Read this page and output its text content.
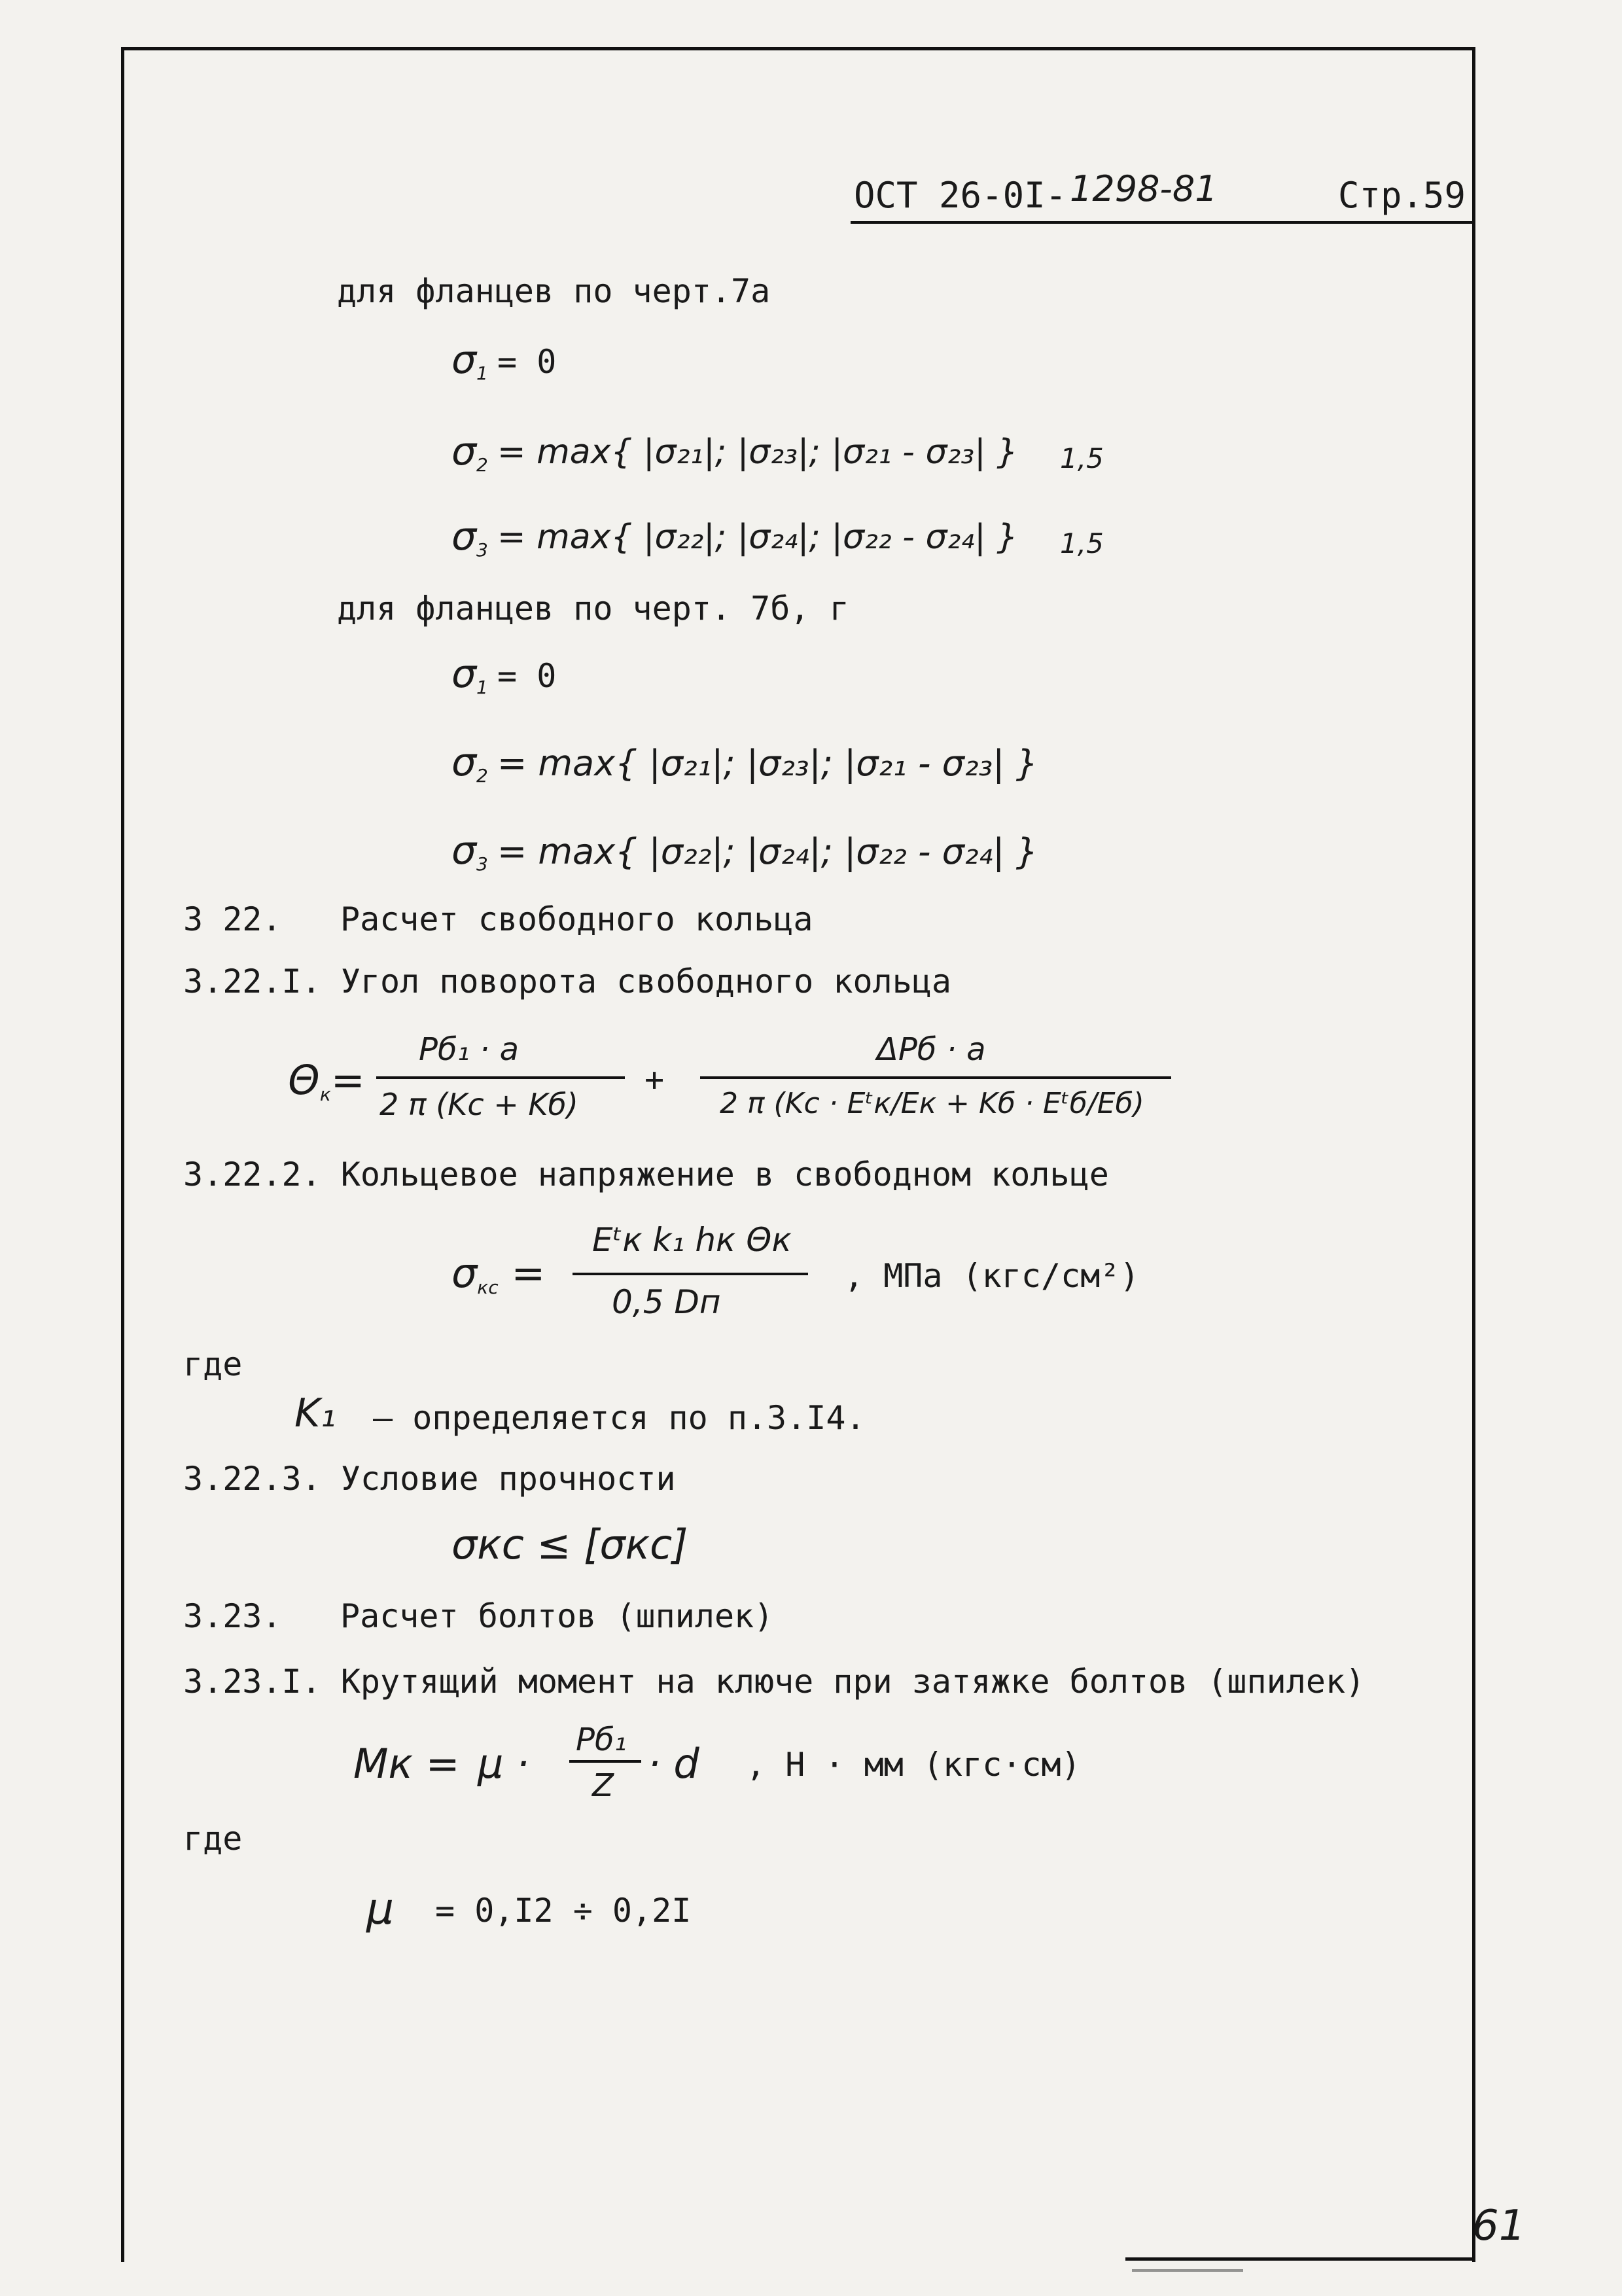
ОСТ 26-0I- 1298-81	Стр.59
для фланцев по черт.7а
$\sigma_1 = 0$
$\sigma_2 = \max${ |σ₂₁|; |σ₂₃|; |σ₂₁ - σ₂₃| } 1,5
$\sigma_3 = \max${ |σ₂₂|; |σ₂₄|; |σ₂₂ - σ₂₄| } 1,5
для фланцев по черт. 7б, г
$\sigma_1 = 0$
$\sigma_2 = \max${ |σ₂₁|; |σ₂₃|; |σ₂₁ - σ₂₃| }
$\sigma_3 = \max${ |σ₂₂|; |σ₂₄|; |σ₂₂ - σ₂₄| }
3 22. Расчет свободного кольца
3.22.I. Угол поворота свободного кольца
$\Theta_к=$
Pб₁ · a
2 π (Kc + Kб)
+
ΔPб · a
2 π (Kc · Eᵗк/Eк + Kб · Eᵗб/Eб)
3.22.2. Кольцевое напряжение в свободном кольце
$\sigma_{кс}$ =
Eᵗк k₁ hк Θк
0,5 Dп
, МПа (кгс/см²)
где
K₁ – определяется по п.3.I4.
3.22.3. Условие прочности
σкс ≤ [σкс]
3.23. Расчет болтов (шпилек)
3.23.I. Крутящий момент на ключе при затяжке болтов (шпилек)
Mк = μ · Pб₁
Z · d , Н · мм (кгс·см)
где
μ = 0,I2 ÷ 0,2I
61
